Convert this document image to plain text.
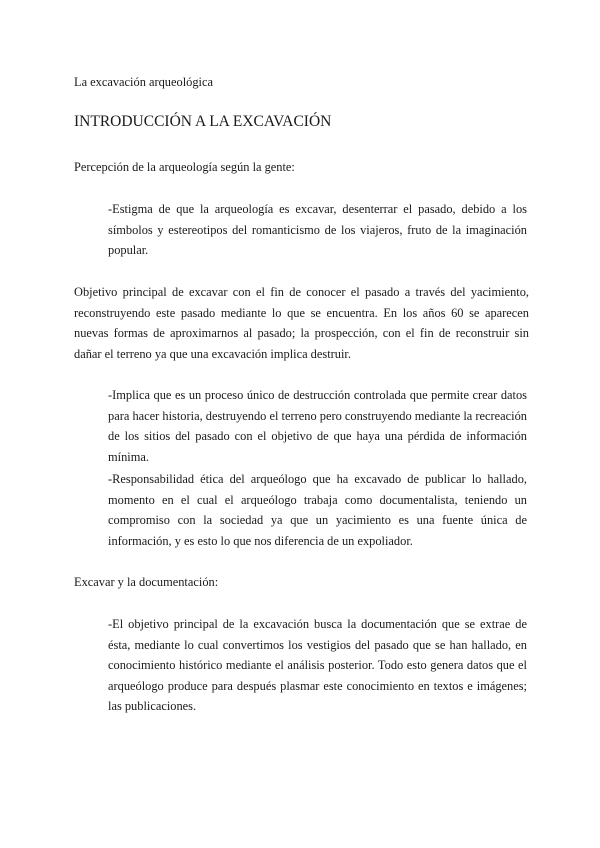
La excavación arqueológica

INTRODUCCIÓN A LA EXCAVACIÓN

Percepción de la arqueología según la gente:

-Estigma de que la arqueología es excavar, desenterrar el pasado, debido a los símbolos y estereotipos del romanticismo de los viajeros, fruto de la imaginación popular.

Objetivo principal de excavar con el fin de conocer el pasado a través del yacimiento, reconstruyendo este pasado mediante lo que se encuentra. En los años 60 se aparecen nuevas formas de aproximarnos al pasado; la prospección, con el fin de reconstruir sin dañar el terreno ya que una excavación implica destruir.

-Implica que es un proceso único de destrucción controlada que permite crear datos para hacer historia, destruyendo el terreno pero construyendo mediante la recreación de los sitios del pasado con el objetivo de que haya una pérdida de información mínima.

-Responsabilidad ética del arqueólogo que ha excavado de publicar lo hallado, momento en el cual el arqueólogo trabaja como documentalista, teniendo un compromiso con la sociedad ya que un yacimiento es una fuente única de información, y es esto lo que nos diferencia de un expoliador.

Excavar y la documentación:

-El objetivo principal de la excavación busca la documentación que se extrae de ésta, mediante lo cual convertimos los vestigios del pasado que se han hallado, en conocimiento histórico mediante el análisis posterior. Todo esto genera datos que el arqueólogo produce para después plasmar este conocimiento en textos e imágenes; las publicaciones.
